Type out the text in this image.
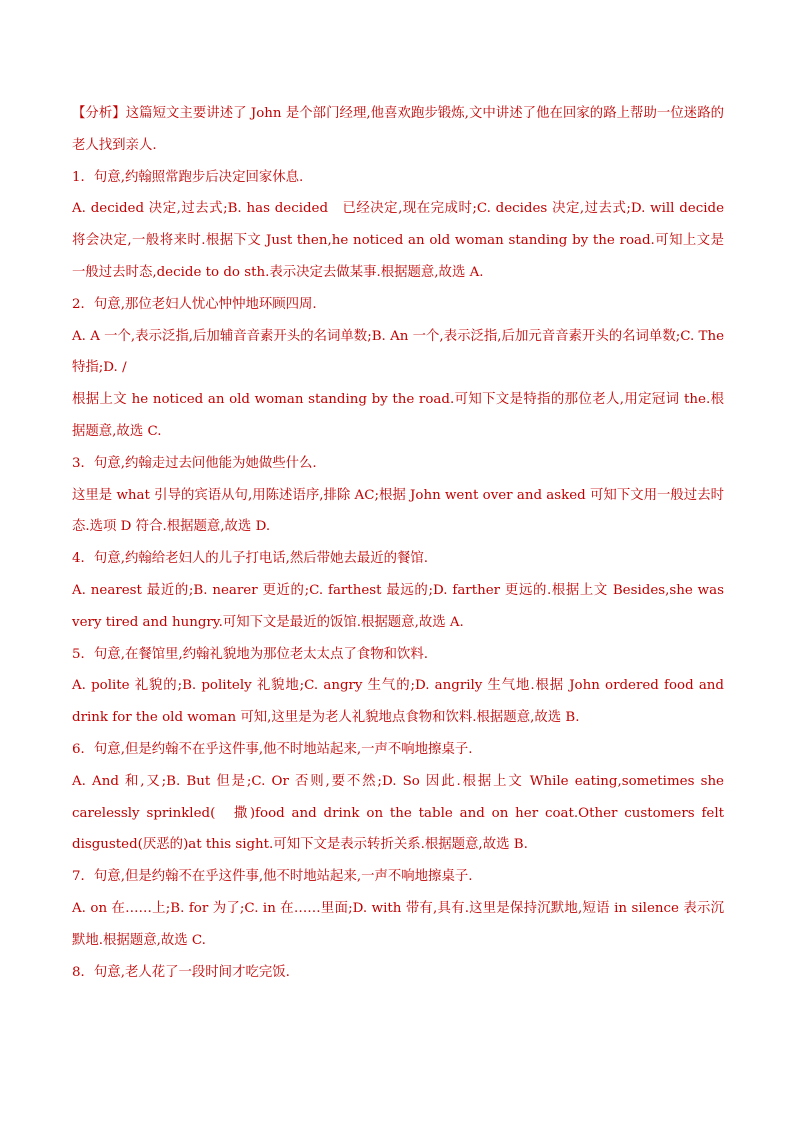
【分析】这篇短文主要讲述了 John 是个部门经理,他喜欢跑步锻炼,文中讲述了他在回家的路上帮助一位迷路的老人找到亲人.

1．句意,约翰照常跑步后决定回家休息.

A. decided 决定,过去式;B. has decided　已经决定,现在完成时;C. decides 决定,过去式;D. will decide 将会决定,一般将来时.根据下文 Just then,he noticed an old woman standing by the road.可知上文是一般过去时态,decide to do sth.表示决定去做某事.根据题意,故选 A.

2．句意,那位老妇人忧心忡忡地环顾四周.

A. A 一个,表示泛指,后加辅音音素开头的名词单数;B. An 一个,表示泛指,后加元音音素开头的名词单数;C. The 特指;D. /

根据上文 he noticed an old woman standing by the road.可知下文是特指的那位老人,用定冠词 the.根据题意,故选 C.

3．句意,约翰走过去问他能为她做些什么.

这里是 what 引导的宾语从句,用陈述语序,排除 AC;根据 John went over and asked 可知下文用一般过去时态.选项 D 符合.根据题意,故选 D.

4．句意,约翰给老妇人的儿子打电话,然后带她去最近的餐馆.

A. nearest 最近的;B. nearer 更近的;C. farthest 最远的;D. farther 更远的.根据上文 Besides,she was very tired and hungry.可知下文是最近的饭馆.根据题意,故选 A.

5．句意,在餐馆里,约翰礼貌地为那位老太太点了食物和饮料.

A. polite 礼貌的;B. politely 礼貌地;C. angry 生气的;D. angrily 生气地.根据 John ordered food and drink for the old woman 可知,这里是为老人礼貌地点食物和饮料.根据题意,故选 B.

6．句意,但是约翰不在乎这件事,他不时地站起来,一声不响地擦桌子.

A. And 和,又;B. But 但是;C. Or 否则,要不然;D. So 因此.根据上文 While eating,sometimes she carelessly sprinkled(　撒)food and drink on the table and on her coat.Other customers felt disgusted(厌恶的)at this sight.可知下文是表示转折关系.根据题意,故选 B.

7．句意,但是约翰不在乎这件事,他不时地站起来,一声不响地擦桌子.

A. on 在……上;B. for 为了;C. in 在……里面;D. with 带有,具有.这里是保持沉默地,短语 in silence 表示沉默地.根据题意,故选 C.

8．句意,老人花了一段时间才吃完饭.
